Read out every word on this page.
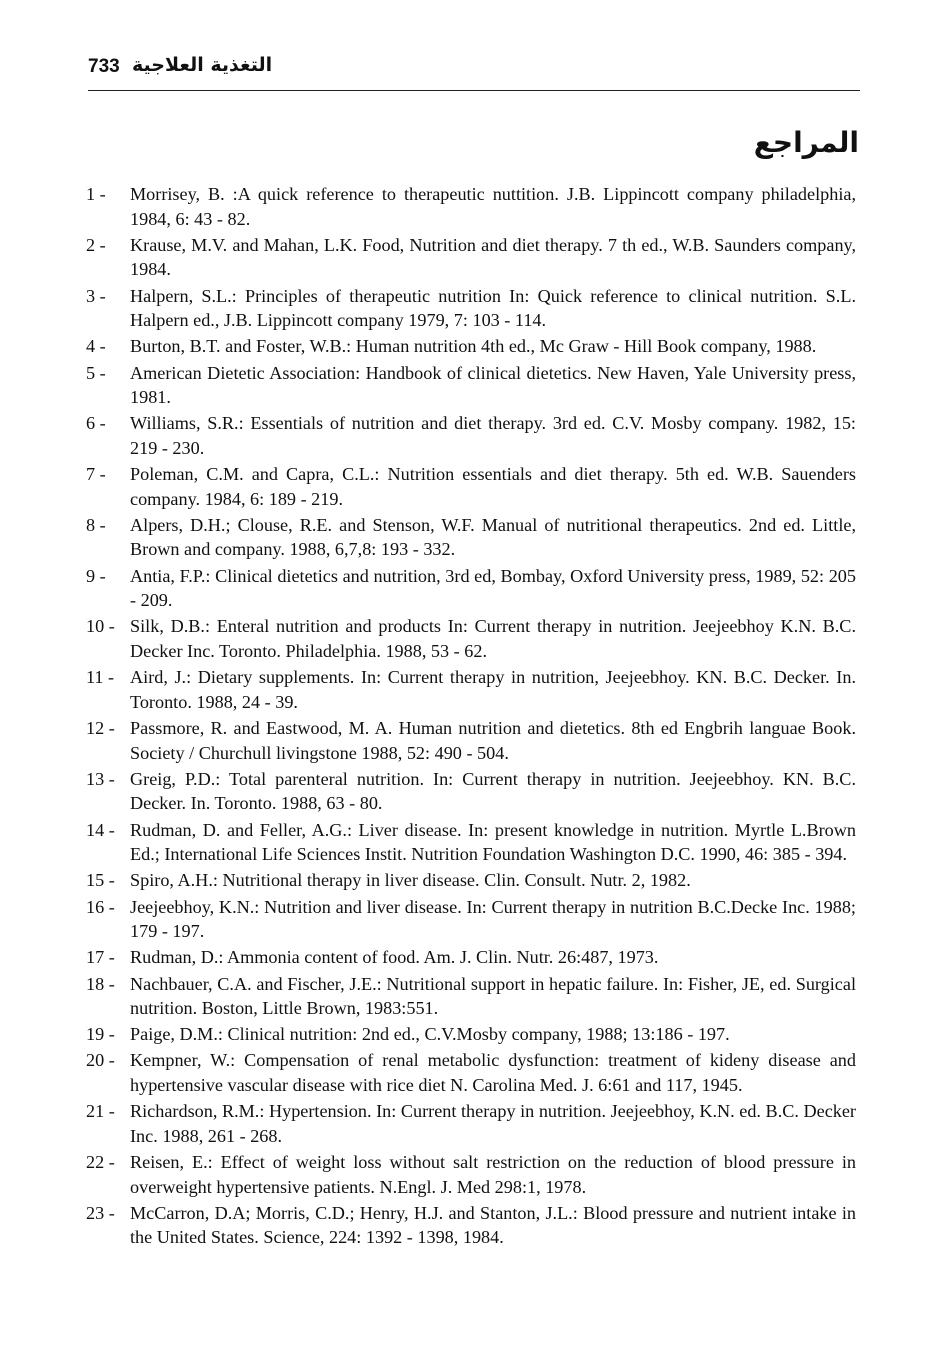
733 التغذية العلاجية
المراجع
1 - Morrisey, B. :A quick reference to therapeutic nuttition. J.B. Lippincott company philadelphia, 1984, 6: 43 - 82.
2 - Krause, M.V. and Mahan, L.K. Food, Nutrition and diet therapy. 7 th ed., W.B. Saunders company, 1984.
3 - Halpern, S.L.: Principles of therapeutic nutrition In: Quick reference to clinical nutrition. S.L. Halpern ed., J.B. Lippincott company 1979, 7: 103 - 114.
4 - Burton, B.T. and Foster, W.B.: Human nutrition 4th ed., Mc Graw - Hill Book company, 1988.
5 - American Dietetic Association: Handbook of clinical dietetics. New Haven, Yale University press, 1981.
6 - Williams, S.R.: Essentials of nutrition and diet therapy. 3rd ed. C.V. Mosby company. 1982, 15: 219 - 230.
7 - Poleman, C.M. and Capra, C.L.: Nutrition essentials and diet therapy. 5th ed. W.B. Sauenders company. 1984, 6: 189 - 219.
8 - Alpers, D.H.; Clouse, R.E. and Stenson, W.F. Manual of nutritional therapeutics. 2nd ed. Little, Brown and company. 1988, 6,7,8: 193 - 332.
9 - Antia, F.P.: Clinical dietetics and nutrition, 3rd ed, Bombay, Oxford University press, 1989, 52: 205 - 209.
10 - Silk, D.B.: Enteral nutrition and products In: Current therapy in nutrition. Jeejeebhoy K.N. B.C. Decker Inc. Toronto. Philadelphia. 1988, 53 - 62.
11 - Aird, J.: Dietary supplements. In: Current therapy in nutrition, Jeejeebhoy. KN. B.C. Decker. In. Toronto. 1988, 24 - 39.
12 - Passmore, R. and Eastwood, M. A. Human nutrition and dietetics. 8th ed Engbrih languae Book. Society / Churchull livingstone 1988, 52: 490 - 504.
13 - Greig, P.D.: Total parenteral nutrition. In: Current therapy in nutrition. Jeejeebhoy. KN. B.C. Decker. In. Toronto. 1988, 63 - 80.
14 - Rudman, D. and Feller, A.G.: Liver disease. In: present knowledge in nutrition. Myrtle L.Brown Ed.; International Life Sciences Instit. Nutrition Foundation Washington D.C. 1990, 46: 385 - 394.
15 - Spiro, A.H.: Nutritional therapy in liver disease. Clin. Consult. Nutr. 2, 1982.
16 - Jeejeebhoy, K.N.: Nutrition and liver disease. In: Current therapy in nutrition B.C.Decke Inc. 1988; 179 - 197.
17 - Rudman, D.: Ammonia content of food. Am. J. Clin. Nutr. 26:487, 1973.
18 - Nachbauer, C.A. and Fischer, J.E.: Nutritional support in hepatic failure. In: Fisher, JE, ed. Surgical nutrition. Boston, Little Brown, 1983:551.
19 - Paige, D.M.: Clinical nutrition: 2nd ed., C.V.Mosby company, 1988; 13:186 - 197.
20 - Kempner, W.: Compensation of renal metabolic dysfunction: treatment of kideny disease and hypertensive vascular disease with rice diet N. Carolina Med. J. 6:61 and 117, 1945.
21 - Richardson, R.M.: Hypertension. In: Current therapy in nutrition. Jeejeebhoy, K.N. ed. B.C. Decker Inc. 1988, 261 - 268.
22 - Reisen, E.: Effect of weight loss without salt restriction on the reduction of blood pressure in overweight hypertensive patients. N.Engl. J. Med 298:1, 1978.
23 - McCarron, D.A; Morris, C.D.; Henry, H.J. and Stanton, J.L.: Blood pressure and nutrient intake in the United States. Science, 224: 1392 - 1398, 1984.
